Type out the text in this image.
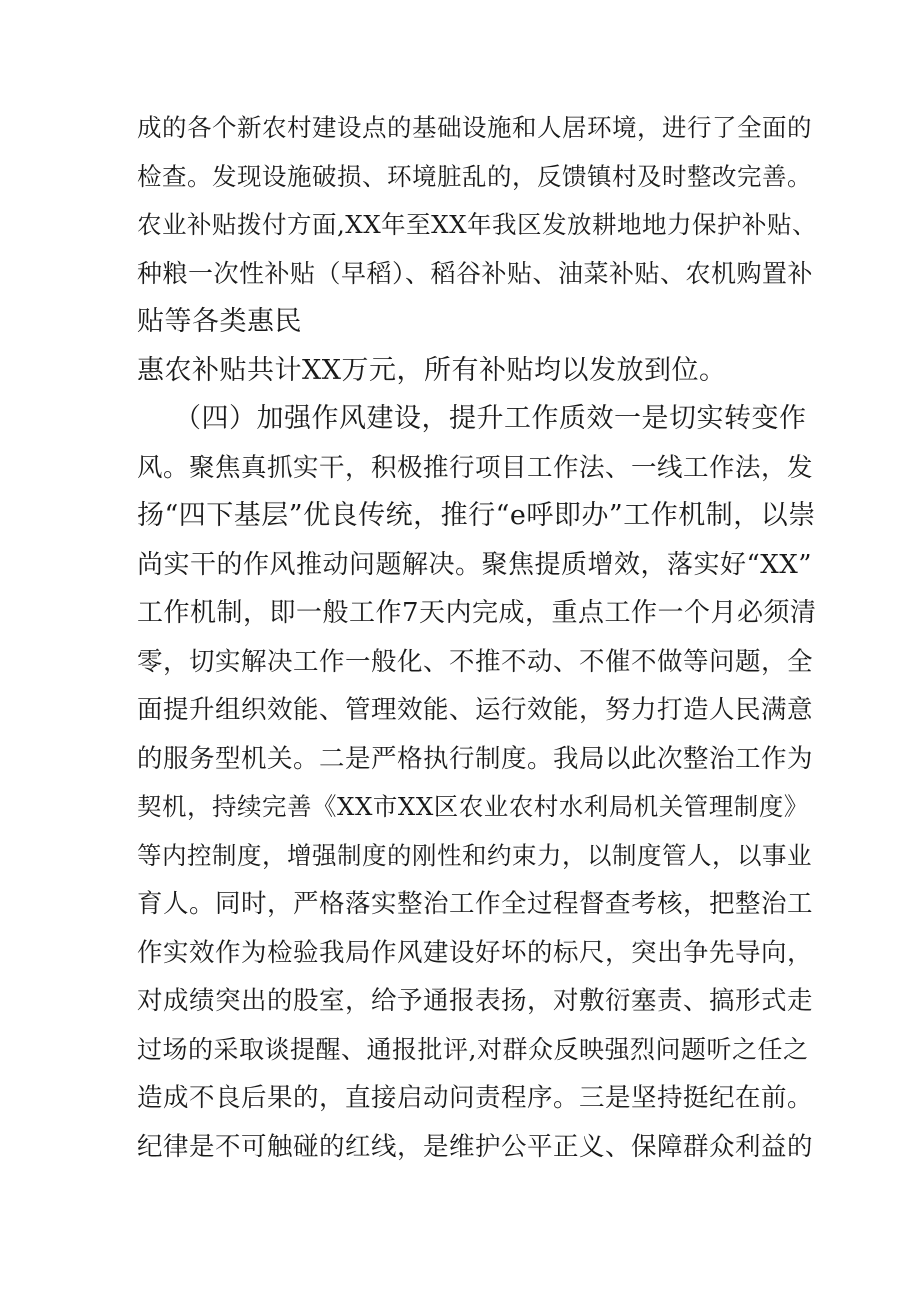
成的各个新农村建设点的基础设施和人居环境，进行了全面的
检查。发现设施破损、环境脏乱的，反馈镇村及时整改完善。
农业补贴拨付方面,XX年至XX年我区发放耕地地力保护补贴、
种粮一次性补贴（早稻）、稻谷补贴、油菜补贴、农机购置补
贴等各类惠民
惠农补贴共计XX万元，所有补贴均以发放到位。
（四）加强作风建设，提升工作质效一是切实转变作
风。聚焦真抓实干，积极推行项目工作法、一线工作法，发
扬“四下基层”优良传统，推行“e呼即办”工作机制，以崇
尚实干的作风推动问题解决。聚焦提质增效，落实好“XX”
工作机制，即一般工作7天内完成，重点工作一个月必须清
零，切实解决工作一般化、不推不动、不催不做等问题，全
面提升组织效能、管理效能、运行效能，努力打造人民满意
的服务型机关。二是严格执行制度。我局以此次整治工作为
契机，持续完善《XX市XX区农业农村水利局机关管理制度》
等内控制度，增强制度的刚性和约束力，以制度管人，以事业
育人。同时，严格落实整治工作全过程督查考核，把整治工
作实效作为检验我局作风建设好坏的标尺，突出争先导向，
对成绩突出的股室，给予通报表扬，对敷衍塞责、搞形式走
过场的采取谈提醒、通报批评,对群众反映强烈问题听之任之
造成不良后果的，直接启动问责程序。三是坚持挺纪在前。
纪律是不可触碰的红线，是维护公平正义、保障群众利益的
